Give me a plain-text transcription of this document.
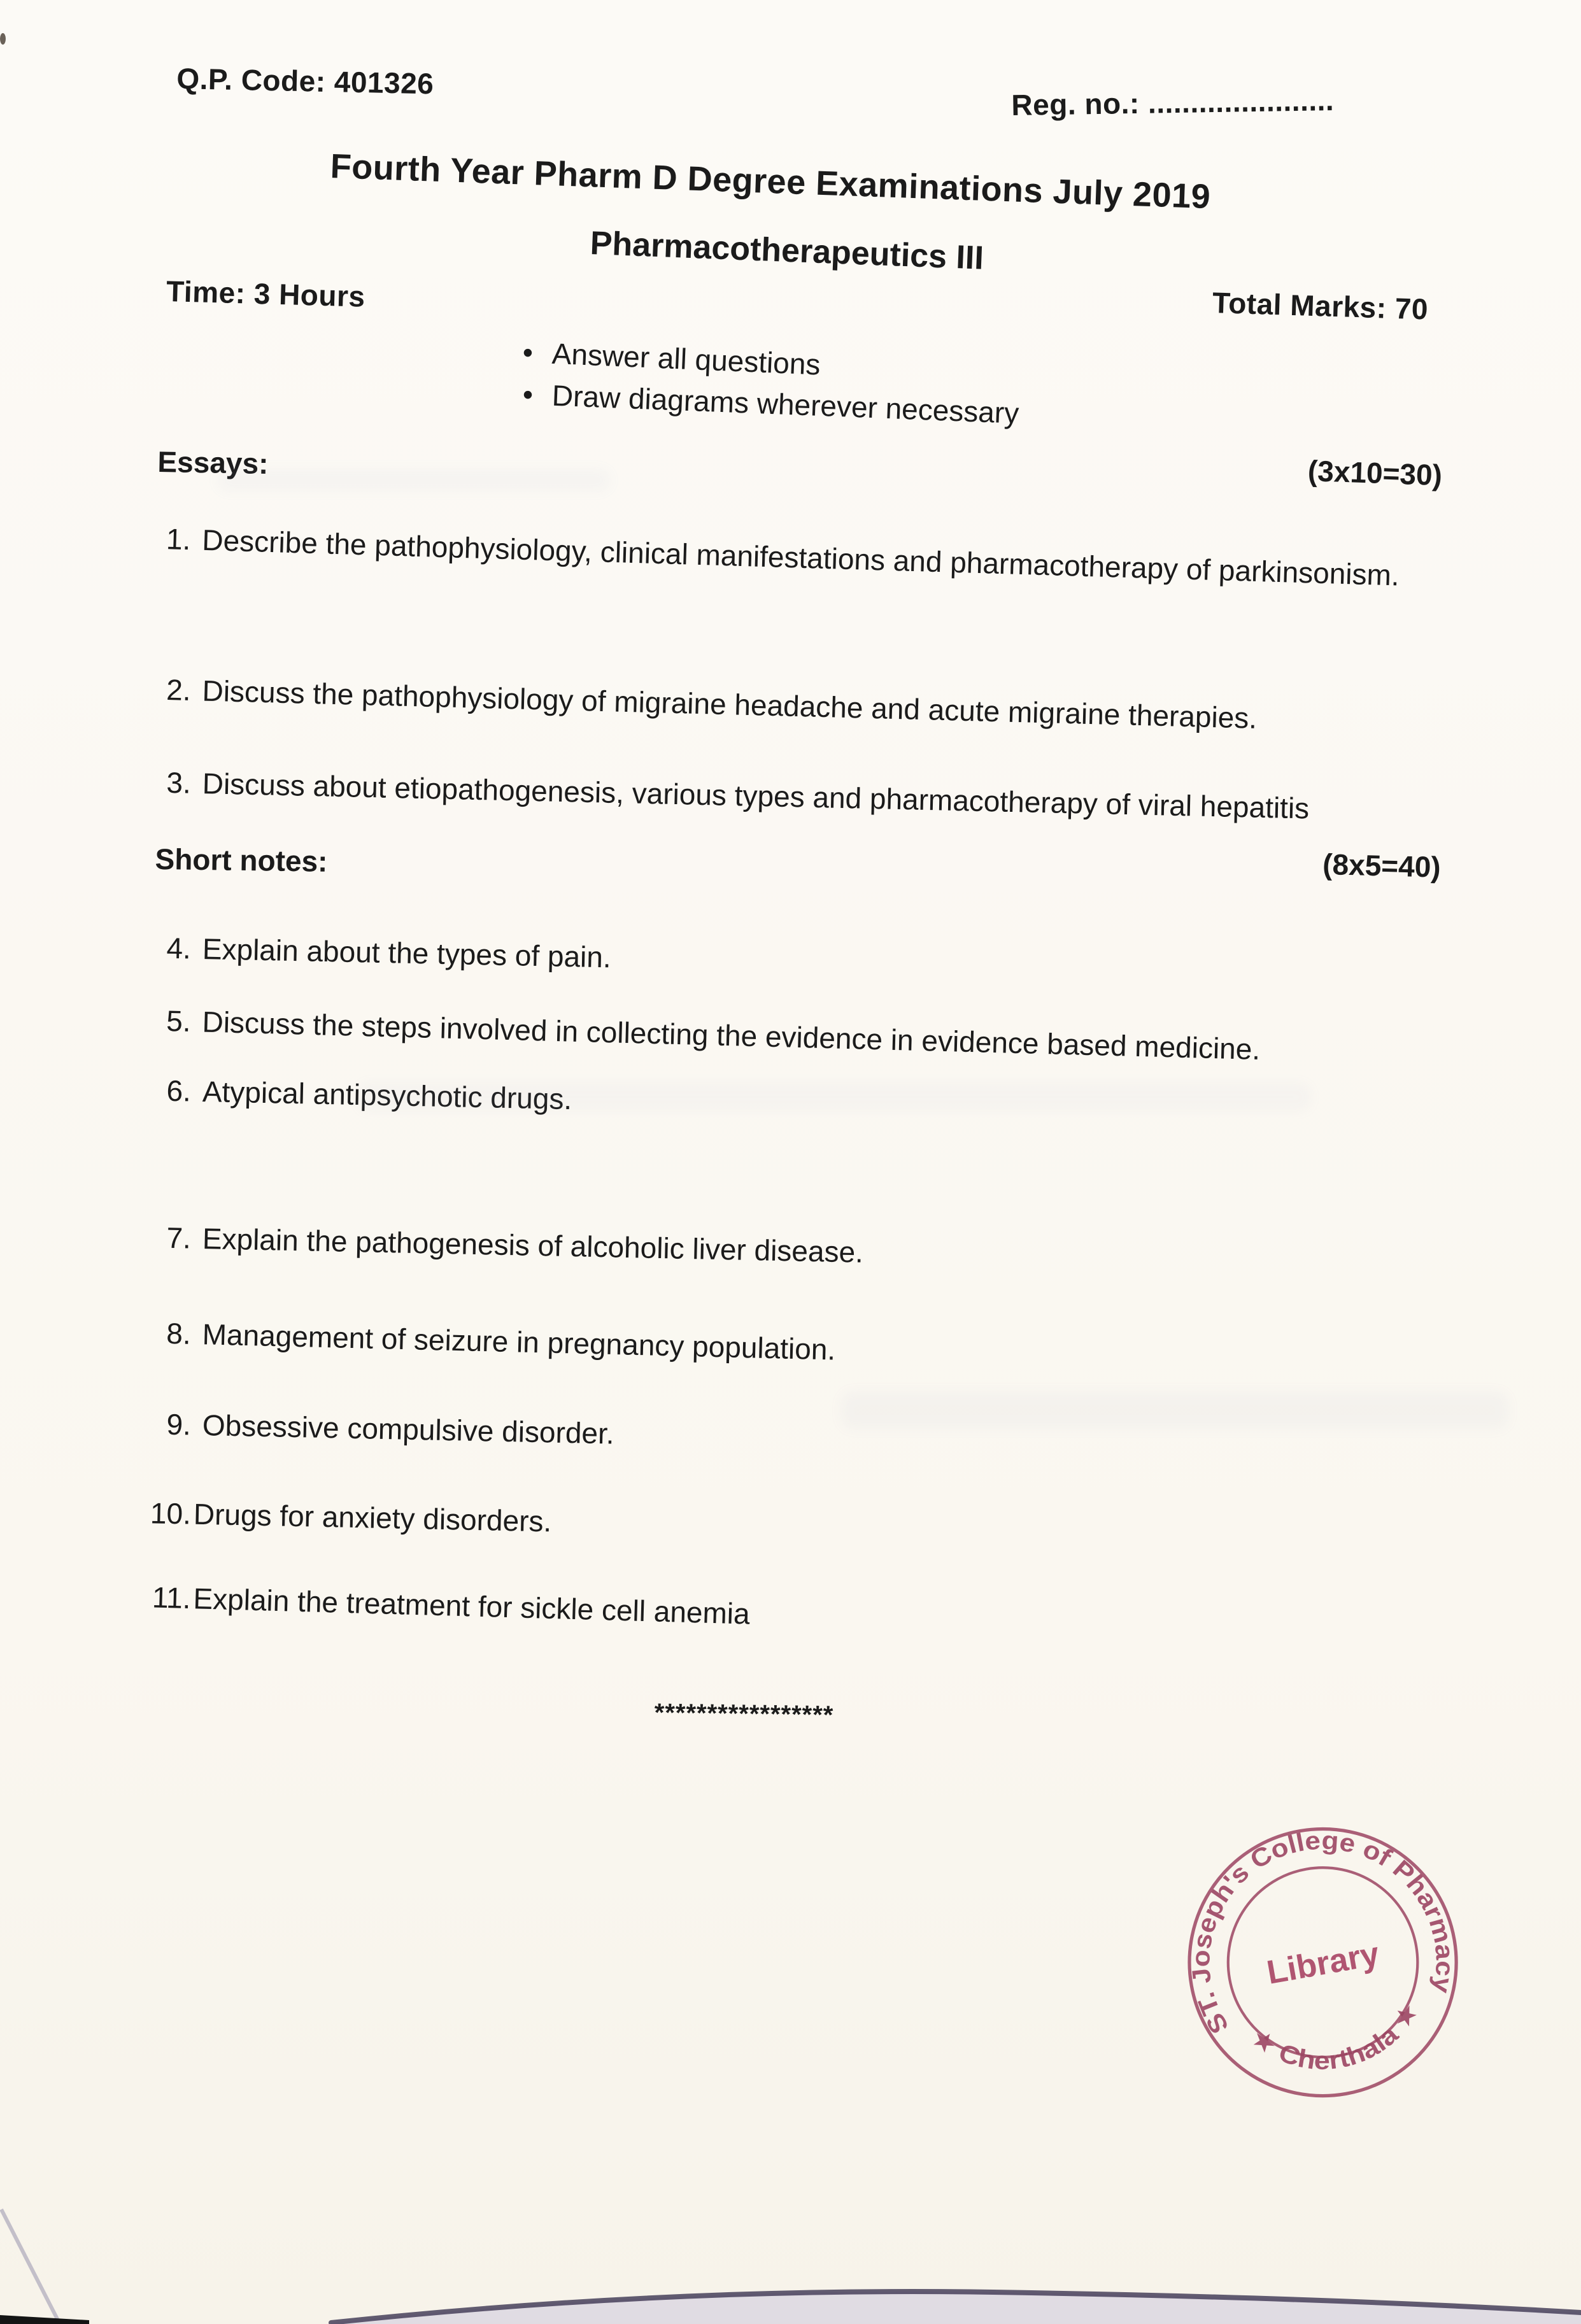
Q.P. Code: 401326
Reg. no.: ......................
Fourth Year Pharm D Degree Examinations July 2019
Pharmacotherapeutics III
Time: 3 Hours	Total Marks: 70
• Answer all questions
• Draw diagrams wherever necessary
Essays:	(3x10=30)
1. Describe the pathophysiology, clinical manifestations and pharmacotherapy of parkinsonism.
2. Discuss the pathophysiology of migraine headache and acute migraine therapies.
3. Discuss about etiopathogenesis, various types and pharmacotherapy of viral hepatitis
Short notes:	(8x5=40)
4. Explain about the types of pain.
5. Discuss the steps involved in collecting the evidence in evidence based medicine.
6. Atypical antipsychotic drugs.
7. Explain the pathogenesis of alcoholic liver disease.
8. Management of seizure in pregnancy population.
9. Obsessive compulsive disorder.
10. Drugs for anxiety disorders.
11. Explain the treatment for sickle cell anemia
*****************
ST. Joseph's College of Pharmacy
★ Cherthala ★
Library
